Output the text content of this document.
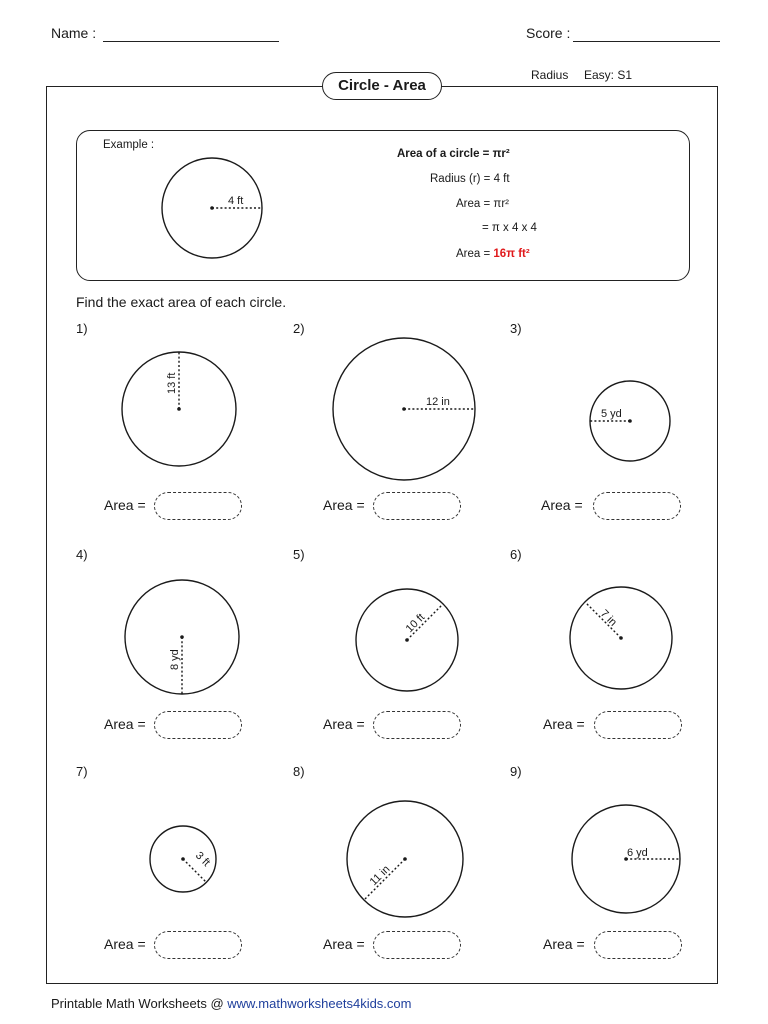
Name :	Score :
Circle - Area
Radius Easy: S1
Example :
Area of a circle = πr²
Radius (r) = 4 ft
Area = πr²
= π x 4 x 4
Area = 16π ft²
Find the exact area of each circle.
1)	2)	3)
4)	5)	6)
7)	8)	9)
4 ft
13 ft
12 in
5 yd
8 yd
10 ft	7 in
3 ft
11 in
6 yd
Area =	Area =	Area =
Area =	Area =	Area =
Area =	Area =	Area =
Printable Math Worksheets @ www.mathworksheets4kids.com
